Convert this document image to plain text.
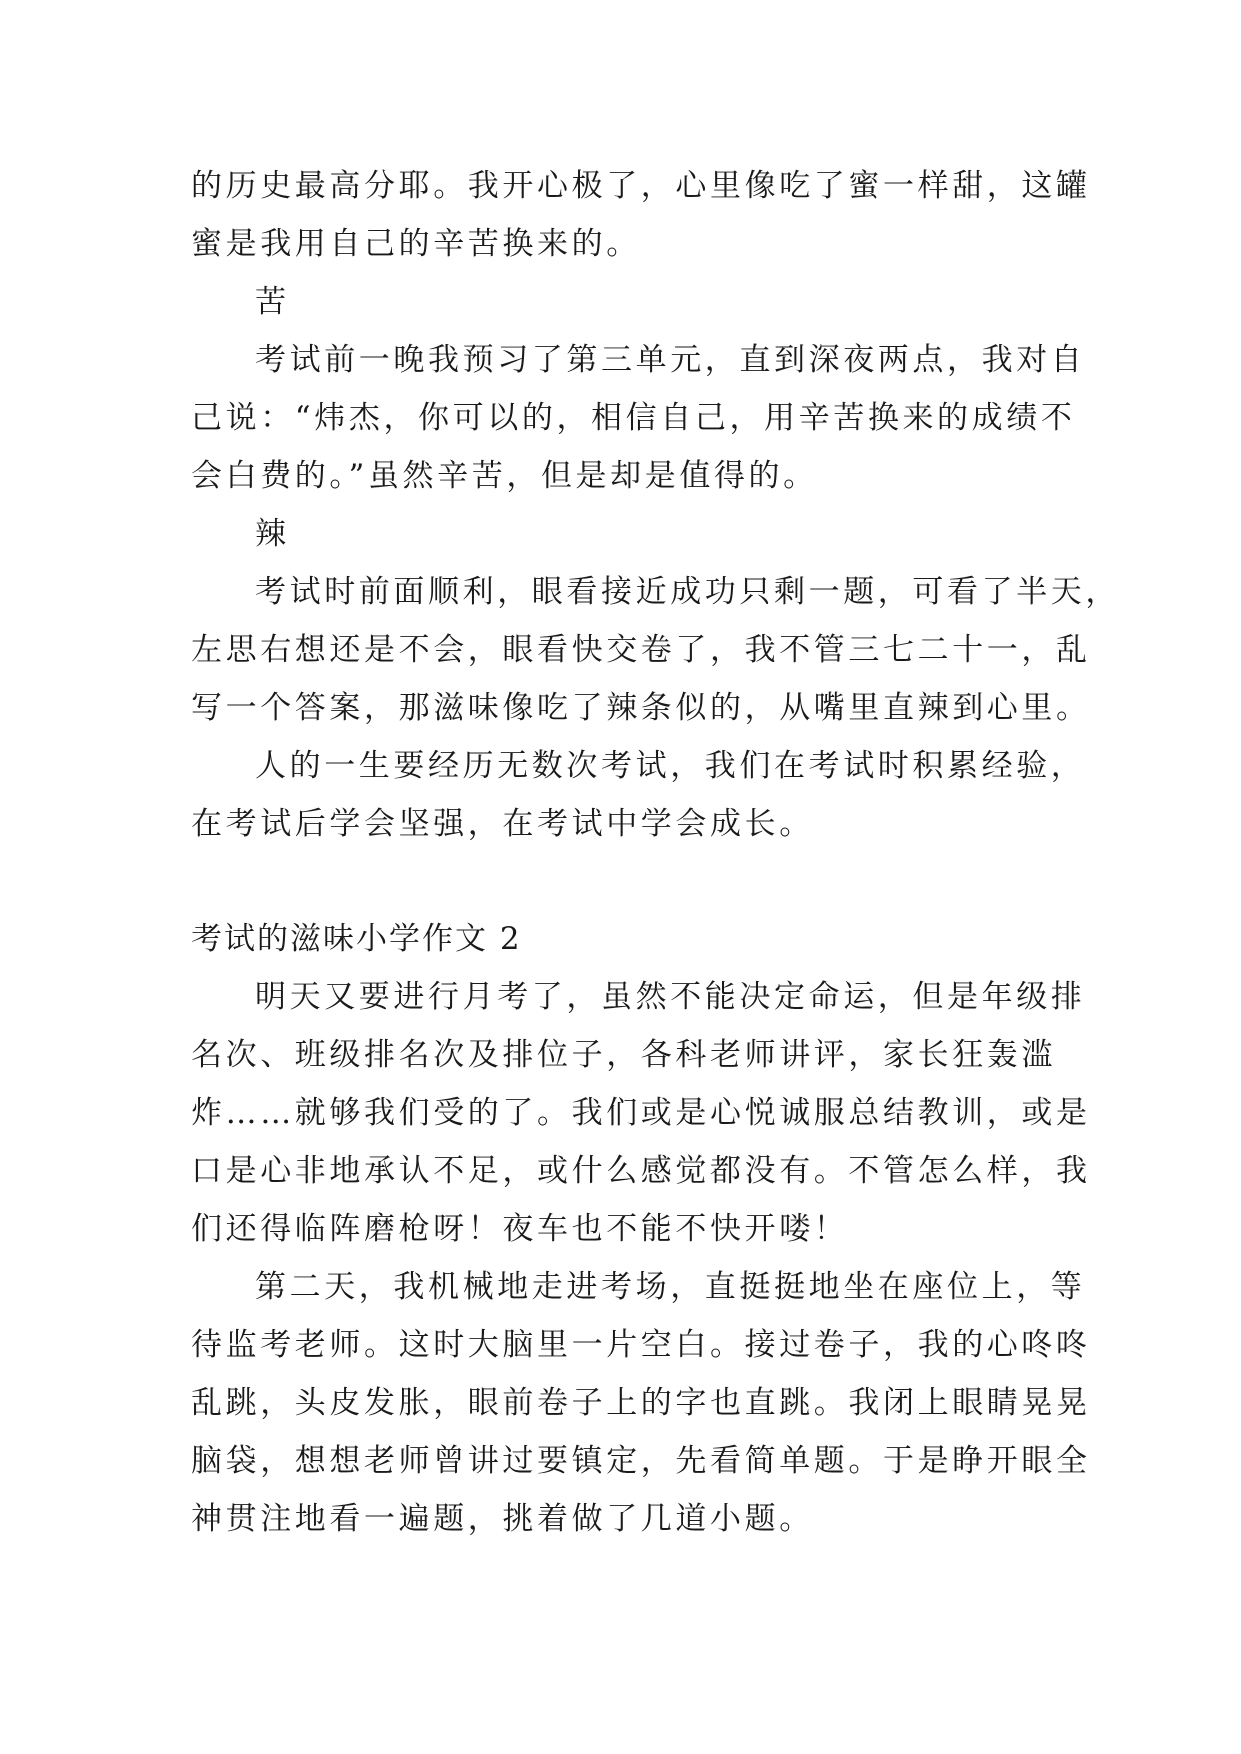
的历史最高分耶。我开心极了，心里像吃了蜜一样甜，这罐
蜜是我用自己的辛苦换来的。
苦
考试前一晚我预习了第三单元，直到深夜两点，我对自
己说：“炜杰，你可以的，相信自己，用辛苦换来的成绩不
会白费的。”虽然辛苦，但是却是值得的。
辣
考试时前面顺利，眼看接近成功只剩一题，可看了半天，
左思右想还是不会，眼看快交卷了，我不管三七二十一，乱
写一个答案，那滋味像吃了辣条似的，从嘴里直辣到心里。
人的一生要经历无数次考试，我们在考试时积累经验，
在考试后学会坚强，在考试中学会成长。
考试的滋味小学作文 2
明天又要进行月考了，虽然不能决定命运，但是年级排
名次、班级排名次及排位子，各科老师讲评，家长狂轰滥
炸……就够我们受的了。我们或是心悦诚服总结教训，或是
口是心非地承认不足，或什么感觉都没有。不管怎么样，我
们还得临阵磨枪呀！夜车也不能不快开喽！
第二天，我机械地走进考场，直挺挺地坐在座位上，等
待监考老师。这时大脑里一片空白。接过卷子，我的心咚咚
乱跳，头皮发胀，眼前卷子上的字也直跳。我闭上眼睛晃晃
脑袋，想想老师曾讲过要镇定，先看简单题。于是睁开眼全
神贯注地看一遍题，挑着做了几道小题。
